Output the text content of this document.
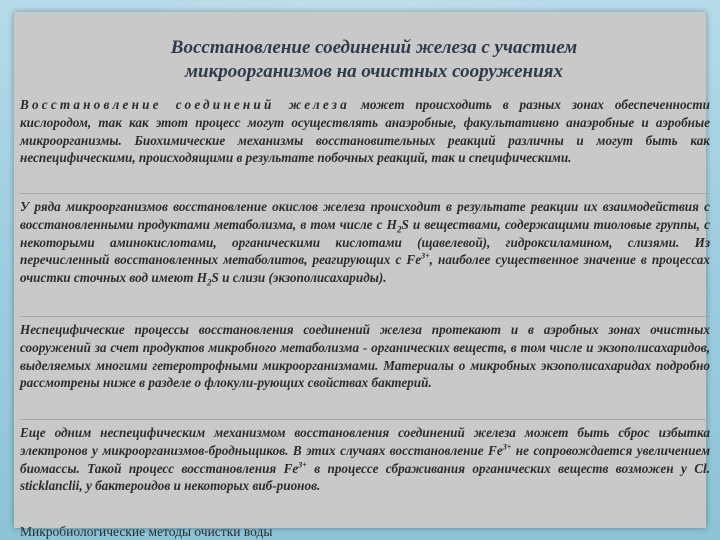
Восстановление соединений железа с участием
микроорганизмов на очистных сооружениях
Восстановление соединений железа может происходить в разных зонах обеспеченности кислородом, так как этот процесс могут осуществлять анаэробные, факультативно анаэробные и аэробные микроорганизмы. Биохимические механизмы восстановительных реакций различны и могут быть как неспецифическими, происходящими в результате побочных реакций, так и специфическими.
У ряда микроорганизмов восстановление окислов железа происходит в результате реакции их взаимодействия с восстановленными продуктами метаболизма, в том числе с $H_2S$ и веществами, содержащими тиоловые группы, с некоторыми аминокислотами, органическими кислотами (щавелевой), гидроксиламином, слизями. Из перечисленный восстановленных метаболитов, реагирующих с $Fe^{3+}$, наиболее существенное значение в процессах очистки сточных вод имеют $H_2S$ и слизи (экзополисахариды).
Неспецифические процессы восстановления соединений железа протекают и в аэробных зонах очистных сооружений за счет продуктов микробного метаболизма - органических веществ, в том числе и экзополисахаридов, выделяемых многими гетеротрофными микроорганизмами. Материалы о микробных экзополисахаридах подробно рассмотрены ниже в разделе о флокули-рующих свойствах бактерий.
Еще одним неспецифическим механизмом восстановления соединений железа может быть сброс избытка электронов у микроорганизмов-бродньщиков. В этих случаях восстановление $Fe^{3+}$ не сопровождается увеличением биомассы. Такой процесс восстановления $Fe^{3+}$ в процессе сбраживания органических веществ возможен у Cl. sticklanclii, у бактероидов и некоторых виб-рионов.
Микробиологические методы очистки воды
